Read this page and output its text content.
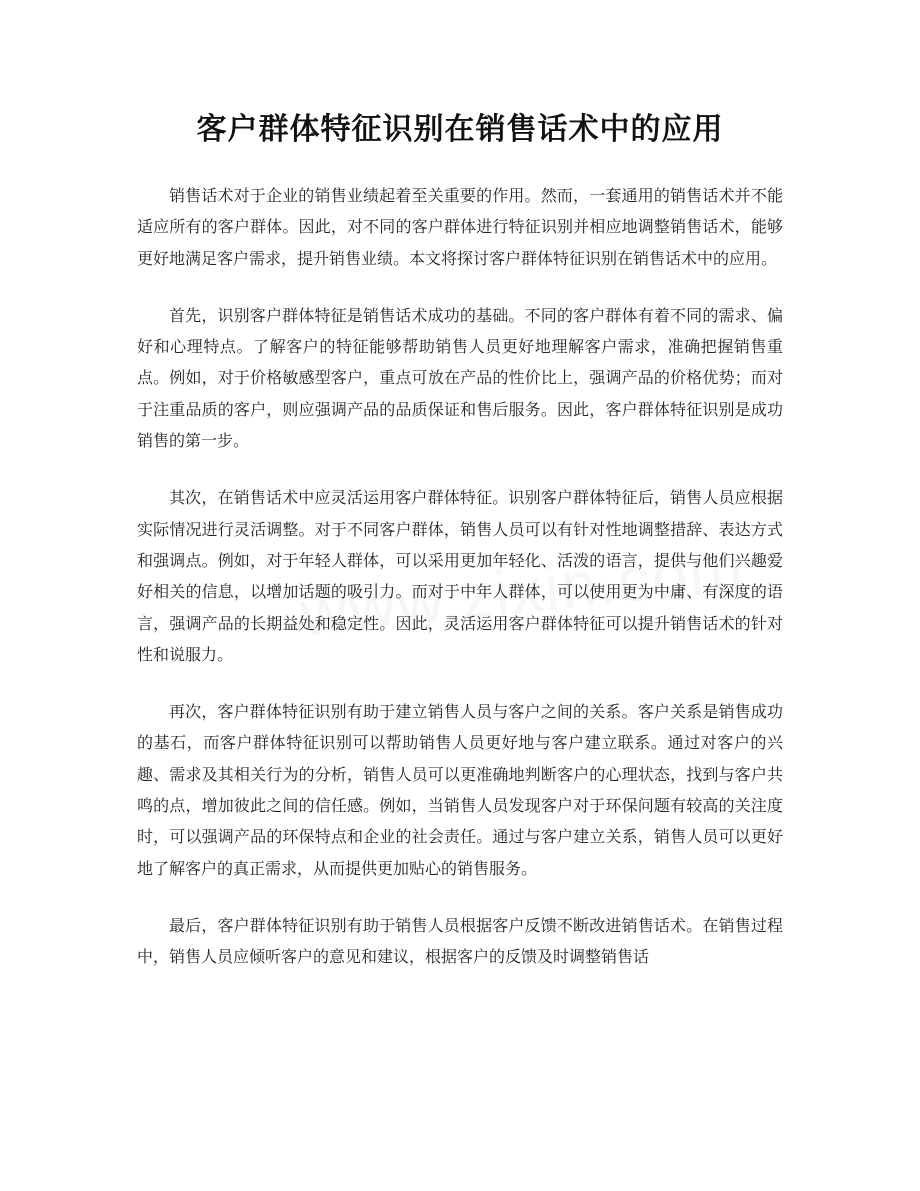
客户群体特征识别在销售话术中的应用

销售话术对于企业的销售业绩起着至关重要的作用。然而，一套通用的销售话术并不能适应所有的客户群体。因此，对不同的客户群体进行特征识别并相应地调整销售话术，能够更好地满足客户需求，提升销售业绩。本文将探讨客户群体特征识别在销售话术中的应用。

首先，识别客户群体特征是销售话术成功的基础。不同的客户群体有着不同的需求、偏好和心理特点。了解客户的特征能够帮助销售人员更好地理解客户需求，准确把握销售重点。例如，对于价格敏感型客户，重点可放在产品的性价比上，强调产品的价格优势；而对于注重品质的客户，则应强调产品的品质保证和售后服务。因此，客户群体特征识别是成功销售的第一步。

其次，在销售话术中应灵活运用客户群体特征。识别客户群体特征后，销售人员应根据实际情况进行灵活调整。对于不同客户群体，销售人员可以有针对性地调整措辞、表达方式和强调点。例如，对于年轻人群体，可以采用更加年轻化、活泼的语言，提供与他们兴趣爱好相关的信息，以增加话题的吸引力。而对于中年人群体，可以使用更为中庸、有深度的语言，强调产品的长期益处和稳定性。因此，灵活运用客户群体特征可以提升销售话术的针对性和说服力。

再次，客户群体特征识别有助于建立销售人员与客户之间的关系。客户关系是销售成功的基石，而客户群体特征识别可以帮助销售人员更好地与客户建立联系。通过对客户的兴趣、需求及其相关行为的分析，销售人员可以更准确地判断客户的心理状态，找到与客户共鸣的点，增加彼此之间的信任感。例如，当销售人员发现客户对于环保问题有较高的关注度时，可以强调产品的环保特点和企业的社会责任。通过与客户建立关系，销售人员可以更好地了解客户的真正需求，从而提供更加贴心的销售服务。

最后，客户群体特征识别有助于销售人员根据客户反馈不断改进销售话术。在销售过程中，销售人员应倾听客户的意见和建议，根据客户的反馈及时调整销售话
